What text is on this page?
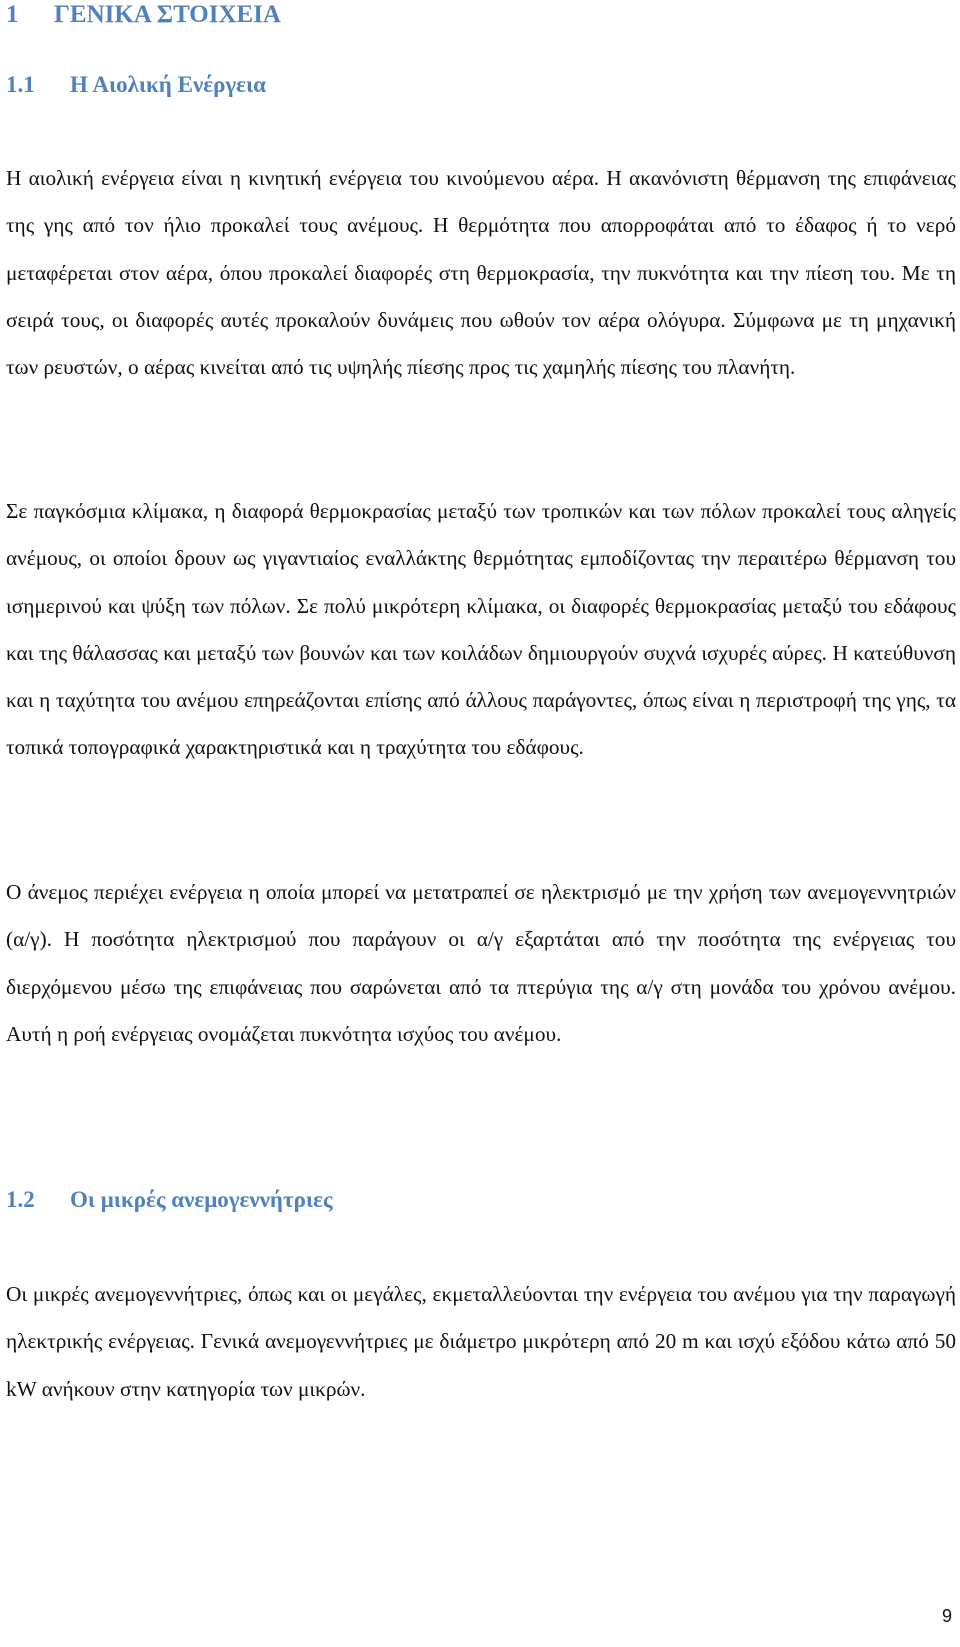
1 ΓΕΝΙΚΑ ΣΤΟΙΧΕΙΑ
1.1 Η Αιολική Ενέργεια

Η αιολική ενέργεια είναι η κινητική ενέργεια του κινούμενου αέρα. Η ακανόνιστη θέρμανση της επιφάνειας της γης από τον ήλιο προκαλεί τους ανέμους. Η θερμότητα που απορροφάται από το έδαφος ή το νερό μεταφέρεται στον αέρα, όπου προκαλεί διαφορές στη θερμοκρασία, την πυκνότητα και την πίεση του. Με τη σειρά τους, οι διαφορές αυτές προκαλούν δυνάμεις που ωθούν τον αέρα ολόγυρα. Σύμφωνα με τη μηχανική των ρευστών, ο αέρας κινείται από τις υψηλής πίεσης προς τις χαμηλής πίεσης του πλανήτη.

Σε παγκόσμια κλίμακα, η διαφορά θερμοκρασίας μεταξύ των τροπικών και των πόλων προκαλεί τους αληγείς ανέμους, οι οποίοι δρουν ως γιγαντιαίος εναλλάκτης θερμότητας εμποδίζοντας την περαιτέρω θέρμανση του ισημερινού και ψύξη των πόλων. Σε πολύ μικρότερη κλίμακα, οι διαφορές θερμοκρασίας μεταξύ του εδάφους και της θάλασσας και μεταξύ των βουνών και των κοιλάδων δημιουργούν συχνά ισχυρές αύρες. Η κατεύθυνση και η ταχύτητα του ανέμου επηρεάζονται επίσης από άλλους παράγοντες, όπως είναι η περιστροφή της γης, τα τοπικά τοπογραφικά χαρακτηριστικά και η τραχύτητα του εδάφους.

Ο άνεμος περιέχει ενέργεια η οποία μπορεί να μετατραπεί σε ηλεκτρισμό με την χρήση των ανεμογεννητριών (α/γ). Η ποσότητα ηλεκτρισμού που παράγουν οι α/γ εξαρτάται από την ποσότητα της ενέργειας του διερχόμενου μέσω της επιφάνειας που σαρώνεται από τα πτερύγια της α/γ στη μονάδα του χρόνου ανέμου. Αυτή η ροή ενέργειας ονομάζεται πυκνότητα ισχύος του ανέμου.

1.2 Οι μικρές ανεμογεννήτριες

Οι μικρές ανεμογεννήτριες, όπως και οι μεγάλες, εκμεταλλεύονται την ενέργεια του ανέμου για την παραγωγή ηλεκτρικής ενέργειας. Γενικά ανεμογεννήτριες με διάμετρο μικρότερη από 20 m και ισχύ εξόδου κάτω από 50 kW ανήκουν στην κατηγορία των μικρών.

9
